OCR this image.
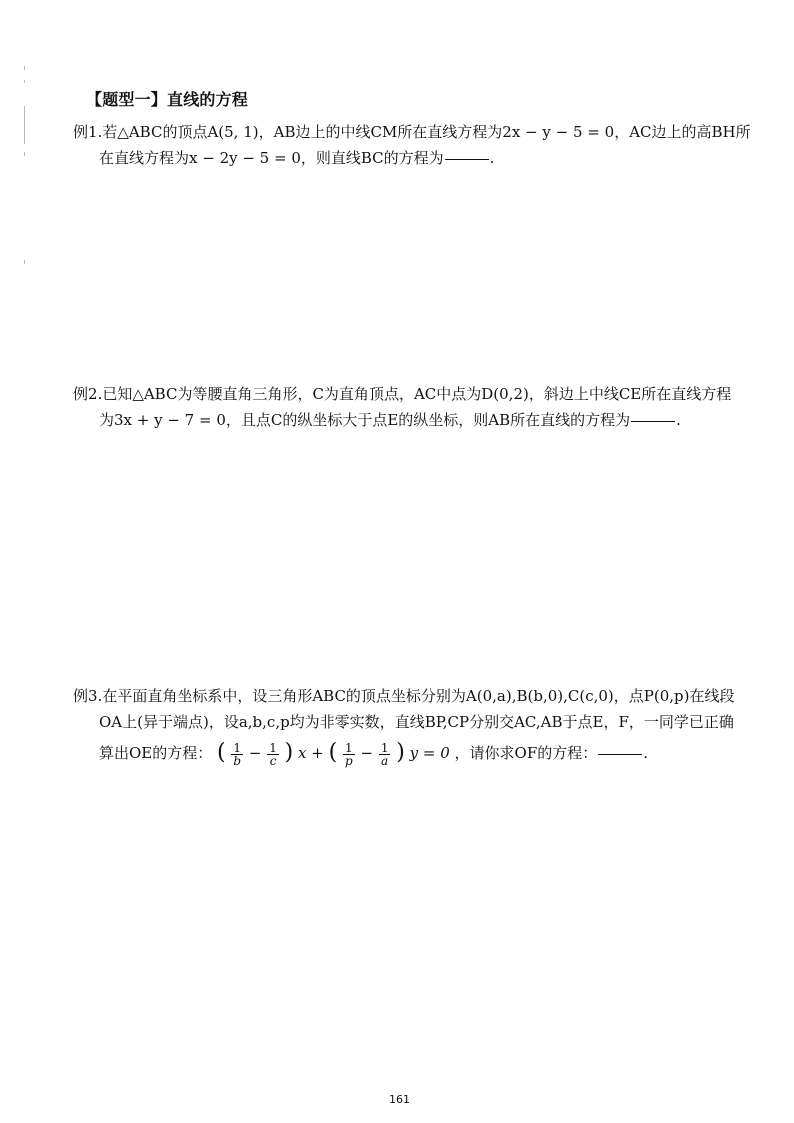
【题型一】直线的方程
例1.若△ABC的顶点A(5, 1)，AB边上的中线CM所在直线方程为2x − y − 5 = 0，AC边上的高BH所
在直线方程为x − 2y − 5 = 0，则直线BC的方程为	.
例2.已知△ABC为等腰直角三角形，C为直角顶点，AC中点为D(0,2)，斜边上中线CE所在直线方程
为3x + y − 7 = 0，且点C的纵坐标大于点E的纵坐标，则AB所在直线的方程为	.
例3.在平面直角坐标系中，设三角形ABC的顶点坐标分别为A(0,a),B(b,0),C(c,0)，点P(0,p)在线段
OA上(异于端点)，设a,b,c,p均为非零实数，直线BP,CP分别交AC,AB于点E，F，一同学已正确
算出OE的方程： ( $\frac{1}{b} - \frac{1}{c}$ ) x + ( $\frac{1}{p} - \frac{1}{a}$ ) y = 0 ，请你求OF的方程：	.
161
